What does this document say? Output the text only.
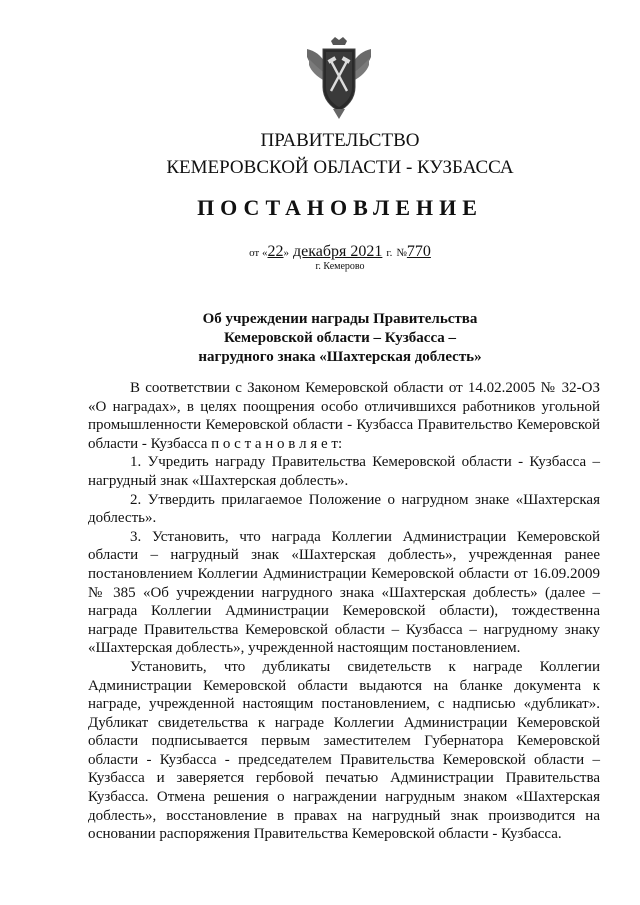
ПРАВИТЕЛЬСТВО
КЕМЕРОВСКОЙ ОБЛАСТИ - КУЗБАССА
ПОСТАНОВЛЕНИЕ
от «22» декабря 2021 г. №770
г. Кемерово
Об учреждении награды Правительства
Кемеровской области – Кузбасса –
нагрудного знака «Шахтерская доблесть»

В соответствии с Законом Кемеровской области от 14.02.2005 № 32-ОЗ «О наградах», в целях поощрения особо отличившихся работников угольной промышленности Кемеровской области - Кузбасса Правительство Кемеровской области - Кузбасса п о с т а н о в л я е т:

1. Учредить награду Правительства Кемеровской области - Кузбасса – нагрудный знак «Шахтерская доблесть».

2. Утвердить прилагаемое Положение о нагрудном знаке «Шахтерская доблесть».

3. Установить, что награда Коллегии Администрации Кемеровской области – нагрудный знак «Шахтерская доблесть», учрежденная ранее постановлением Коллегии Администрации Кемеровской области от 16.09.2009 № 385 «Об учреждении нагрудного знака «Шахтерская доблесть» (далее – награда Коллегии Администрации Кемеровской области), тождественна награде Правительства Кемеровской области – Кузбасса – нагрудному знаку «Шахтерская доблесть», учрежденной настоящим постановлением.

Установить, что дубликаты свидетельств к награде Коллегии Администрации Кемеровской области выдаются на бланке документа к награде, учрежденной настоящим постановлением, с надписью «дубликат». Дубликат свидетельства к награде Коллегии Администрации Кемеровской области подписывается первым заместителем Губернатора Кемеровской области - Кузбасса - председателем Правительства Кемеровской области – Кузбасса и заверяется гербовой печатью Администрации Правительства Кузбасса. Отмена решения о награждении нагрудным знаком «Шахтерская доблесть», восстановление в правах на нагрудный знак производится на основании распоряжения Правительства Кемеровской области - Кузбасса.
